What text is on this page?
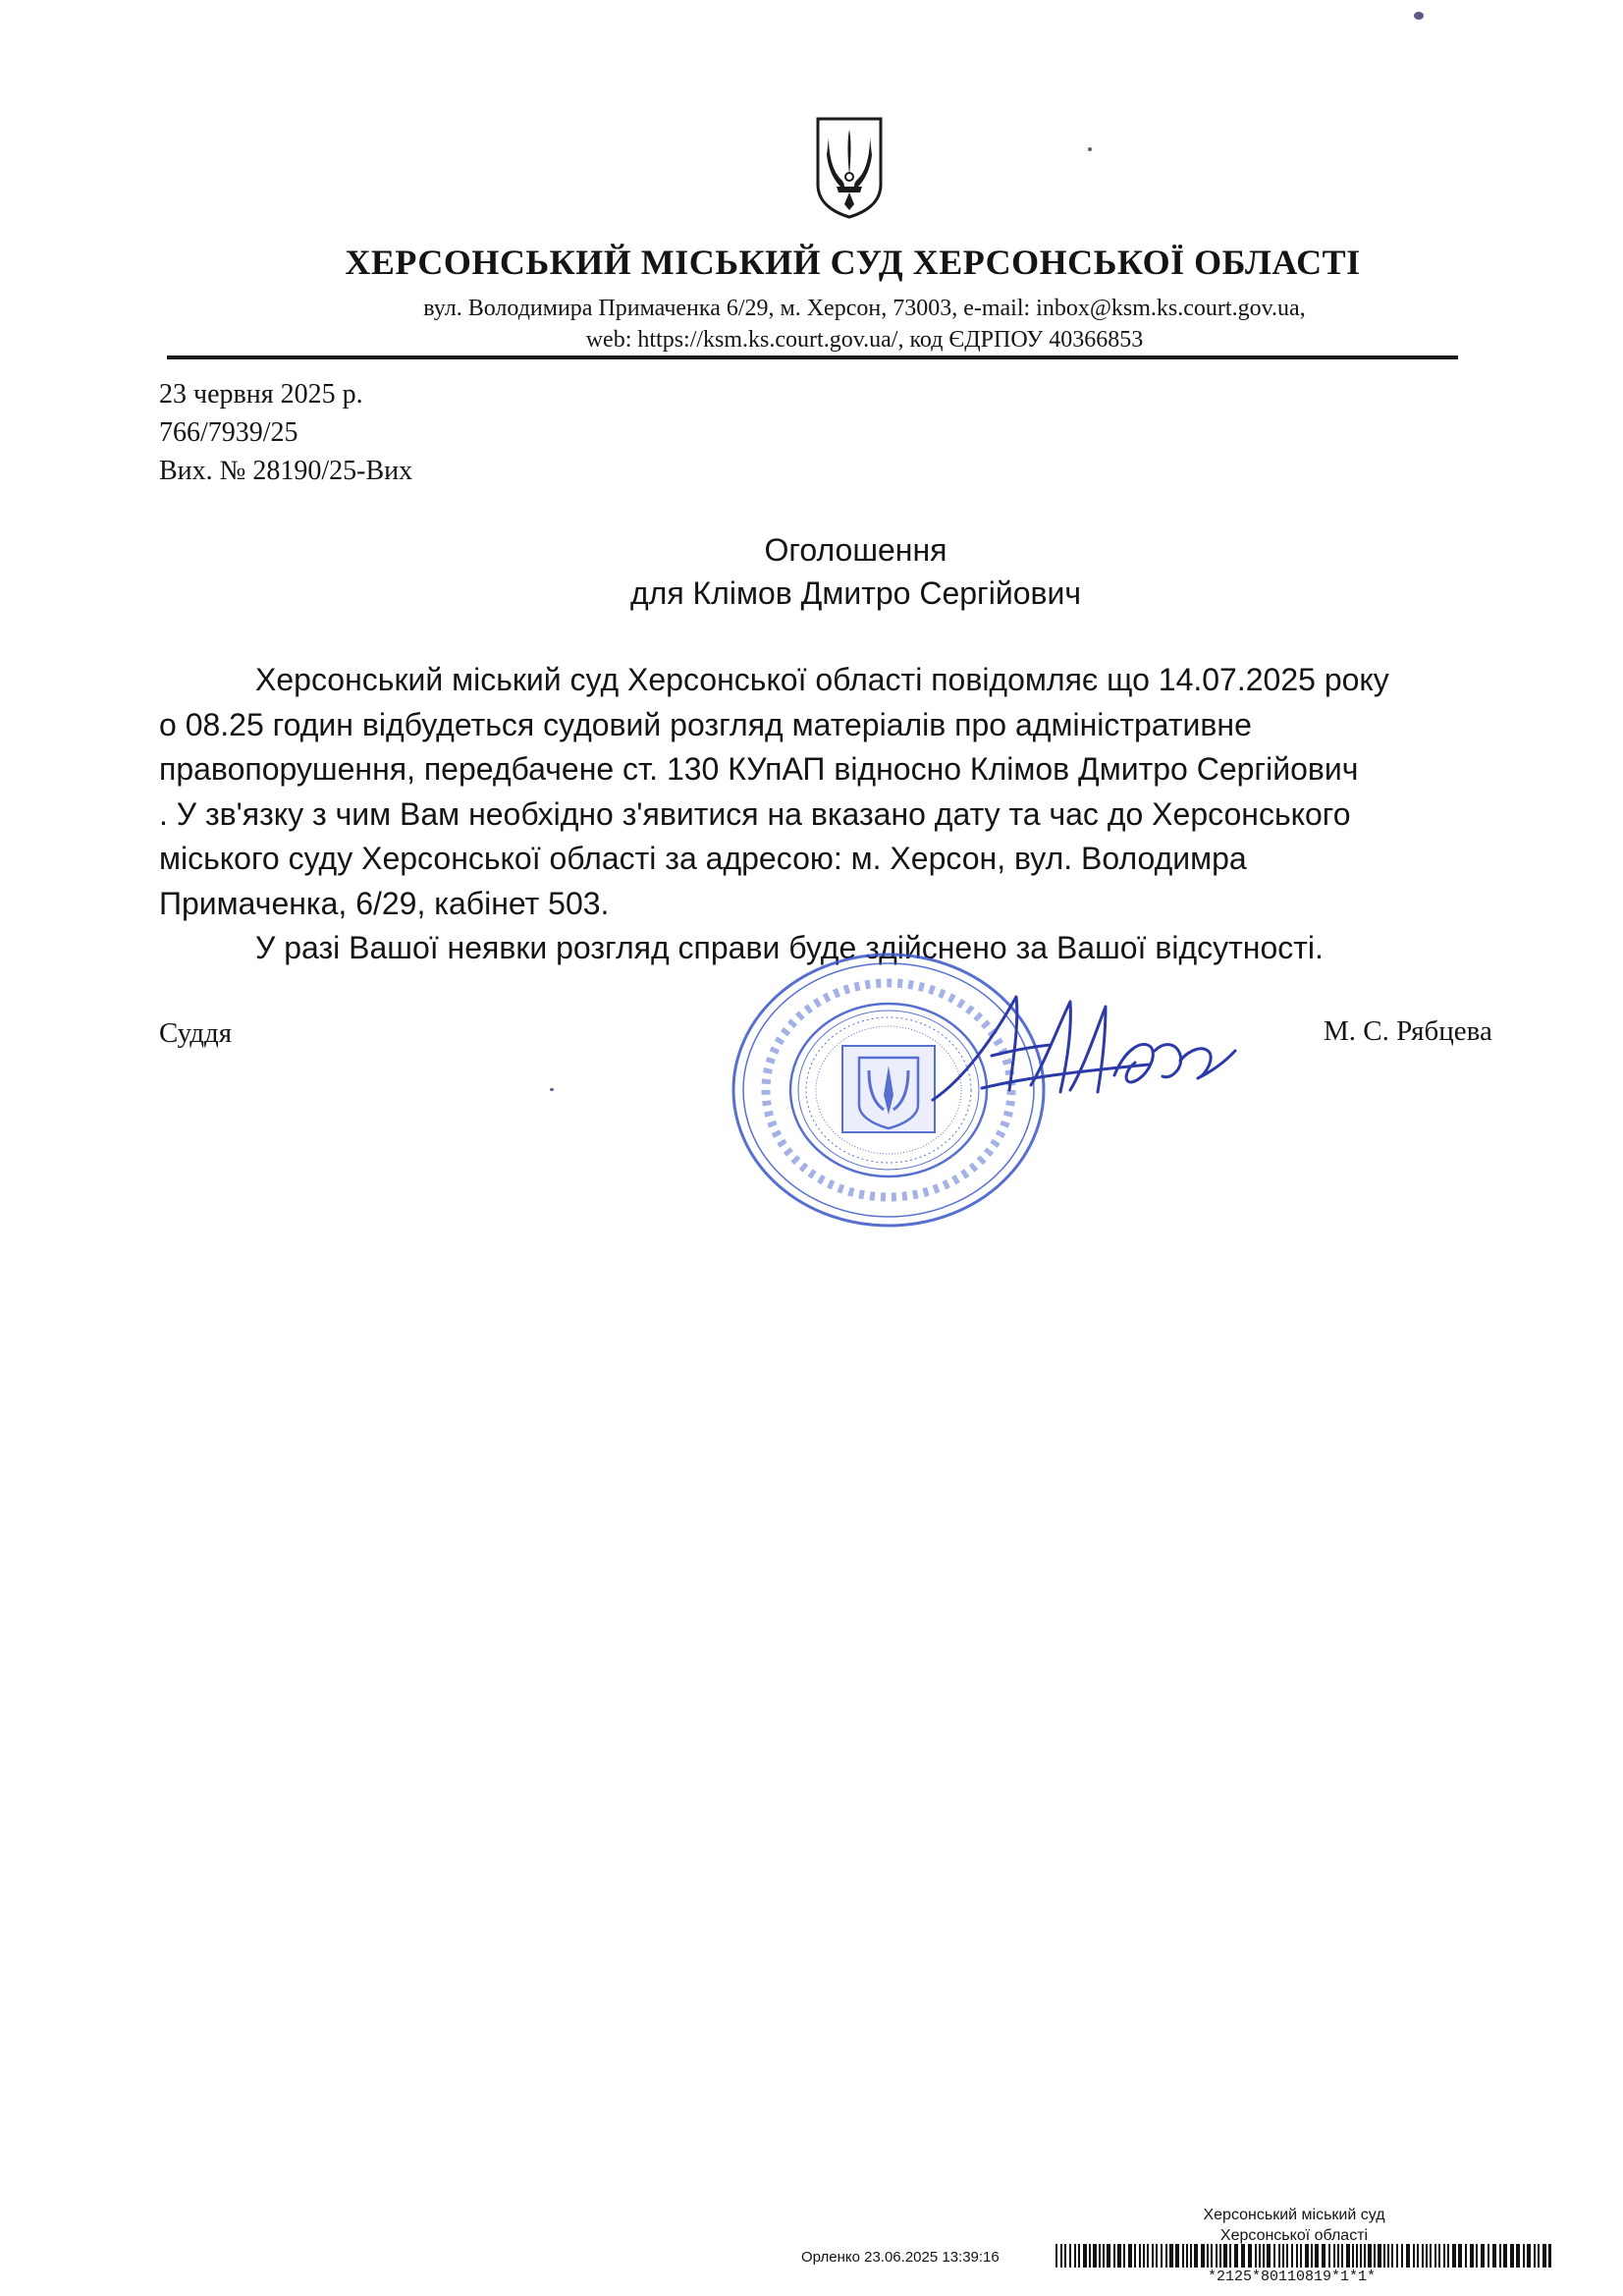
ХЕРСОНСЬКИЙ МІСЬКИЙ СУД ХЕРСОНСЬКОЇ ОБЛАСТІ
вул. Володимира Примаченка 6/29, м. Херсон, 73003, e-mail: inbox@ksm.ks.court.gov.ua,
web: https://ksm.ks.court.gov.ua/, код ЄДРПОУ 40366853
23 червня 2025 р.
766/7939/25
Вих. № 28190/25-Вих
Оголошення
для Клімов Дмитро Сергійович
Херсонський міський суд Херсонської області повідомляє що 14.07.2025 року
о 08.25 годин відбудеться судовий розгляд матеріалів про адміністративне
правопорушення, передбачене ст. 130 КУпАП відносно Клімов Дмитро Сергійович
. У зв'язку з чим Вам необхідно з'явитися на вказано дату та час до Херсонського
міського суду Херсонської області за адресою: м. Херсон, вул. Володимра
Примаченка, 6/29, кабінет 503.
У разі Вашої неявки розгляд справи буде здійснено за Вашої відсутності.
Суддя	М. С. Рябцева
Херсонський міський суд
Херсонської області
Орленко 23.06.2025 13:39:16
*2125*80110819*1*1*
